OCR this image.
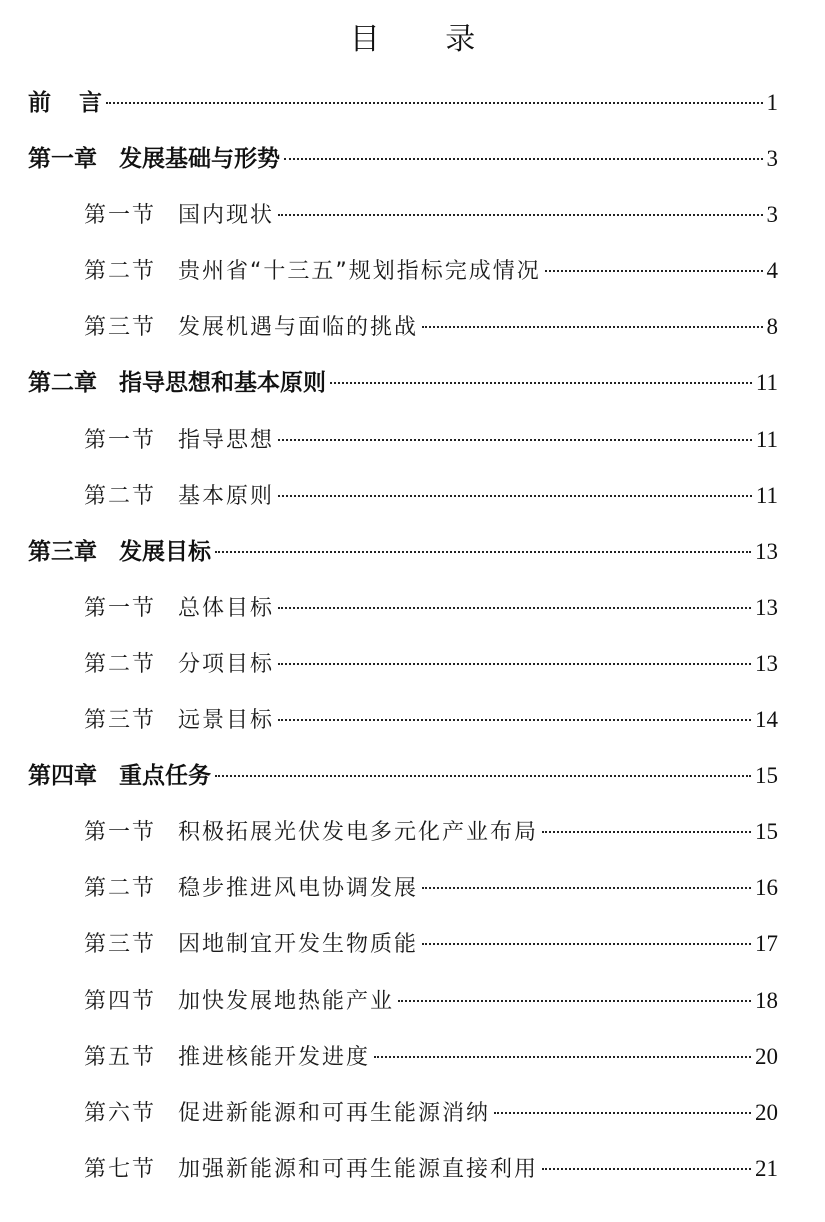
目 录
前 言	1
第一章 发展基础与形势	3
第一节 国内现状	3
第二节 贵州省“十三五”规划指标完成情况	4
第三节 发展机遇与面临的挑战	8
第二章 指导思想和基本原则	11
第一节 指导思想	11
第二节 基本原则	11
第三章 发展目标	13
第一节 总体目标	13
第二节 分项目标	13
第三节 远景目标	14
第四章 重点任务	15
第一节 积极拓展光伏发电多元化产业布局	15
第二节 稳步推进风电协调发展	16
第三节 因地制宜开发生物质能	17
第四节 加快发展地热能产业	18
第五节 推进核能开发进度	20
第六节 促进新能源和可再生能源消纳	20
第七节 加强新能源和可再生能源直接利用	21
